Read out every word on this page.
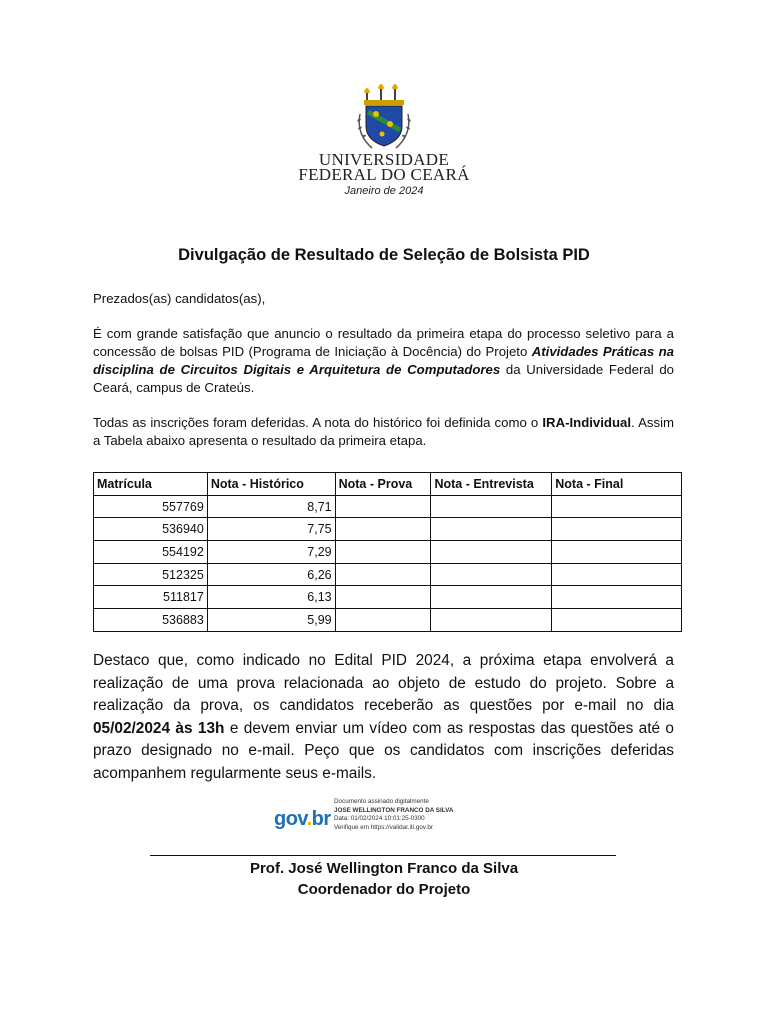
UNIVERSIDADE
FEDERAL DO CEARÁ
Janeiro de 2024
Divulgação de Resultado de Seleção de Bolsista PID

Prezados(as) candidatos(as),

É com grande satisfação que anuncio o resultado da primeira etapa do processo seletivo para a concessão de bolsas PID (Programa de Iniciação à Docência) do Projeto Atividades Práticas na disciplina de Circuitos Digitais e Arquitetura de Computadores da Universidade Federal do Ceará, campus de Crateús.

Todas as inscrições foram deferidas. A nota do histórico foi definida como o IRA-Individual. Assim a Tabela abaixo apresenta o resultado da primeira etapa.

Matrícula	Nota - Histórico	Nota - Prova	Nota - Entrevista	Nota - Final
557769	8,71			
536940	7,75			
554192	7,29			
512325	6,26			
511817	6,13			
536883	5,99			

Destaco que, como indicado no Edital PID 2024, a próxima etapa envolverá a realização de uma prova relacionada ao objeto de estudo do projeto. Sobre a realização da prova, os candidatos receberão as questões por e-mail no dia 05/02/2024 às 13h e devem enviar um vídeo com as respostas das questões até o prazo designado no e-mail. Peço que os candidatos com inscrições deferidas acompanhem regularmente seus e-mails.

gov.br
Documento assinado digitalmente
JOSE WELLINGTON FRANCO DA SILVA
Data: 01/02/2024 10:01:25-0300
Verifique em https://validar.iti.gov.br
Prof. José Wellington Franco da Silva
Coordenador do Projeto
